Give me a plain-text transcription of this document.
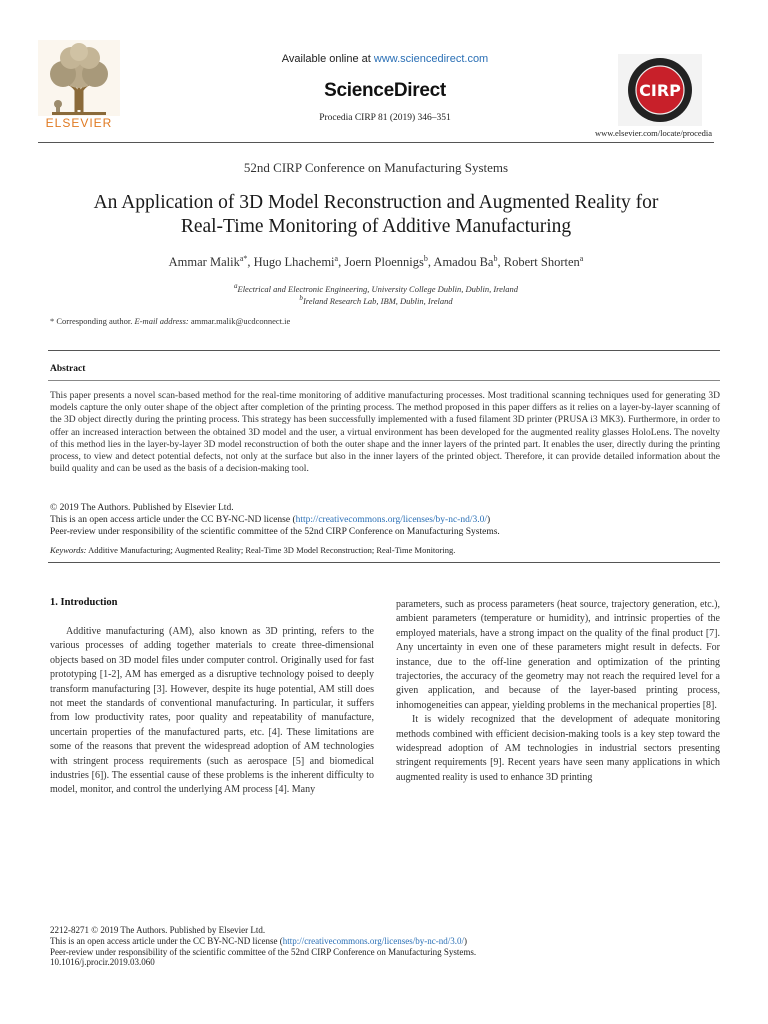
ELSEVIER
Available online at www.sciencedirect.com
ScienceDirect
Procedia CIRP 81 (2019) 346–351
CIRP
www.elsevier.com/locate/procedia
52nd CIRP Conference on Manufacturing Systems
An Application of 3D Model Reconstruction and Augmented Reality for
Real-Time Monitoring of Additive Manufacturing
Ammar Malik$^{a*}$, Hugo Lhachemi$^a$, Joern Ploennigs$^b$, Amadou Ba$^b$, Robert Shorten$^a$
$^a$Electrical and Electronic Engineering, University College Dublin, Dublin, Ireland
$^b$Ireland Research Lab, IBM, Dublin, Ireland
* Corresponding author. E-mail address: ammar.malik@ucdconnect.ie
Abstract
This paper presents a novel scan-based method for the real-time monitoring of additive manufacturing processes. Most traditional scanning techniques used for generating 3D models capture the only outer shape of the object after completion of the printing process. The method proposed in this paper differs as it relies on a layer-by-layer scanning of the 3D object directly during the printing process. This strategy has been successfully implemented with a fused filament 3D printer (PRUSA i3 MK3). Furthermore, in order to offer an increased interaction between the obtained 3D model and the user, a virtual environment has been developed for the augmented reality glasses HoloLens. The novelty of this method lies in the layer-by-layer 3D model reconstruction of both the outer shape and the inner layers of the printed part. It enables the user, directly during the printing process, to view and detect potential defects, not only at the surface but also in the inner layers of the printed object. Therefore, it can provide detailed information about the build quality and can be used as the basis of a decision-making tool.
© 2019 The Authors. Published by Elsevier Ltd.
This is an open access article under the CC BY-NC-ND license (http://creativecommons.org/licenses/by-nc-nd/3.0/)
Peer-review under responsibility of the scientific committee of the 52nd CIRP Conference on Manufacturing Systems.
Keywords: Additive Manufacturing; Augmented Reality; Real-Time 3D Model Reconstruction; Real-Time Monitoring.
1. Introduction

Additive manufacturing (AM), also known as 3D printing, refers to the various processes of adding together materials to create three-dimensional objects based on 3D model files under computer control. Originally used for fast prototyping [1-2], AM has emerged as a disruptive technology poised to deeply transform manufacturing [3]. However, despite its huge potential, AM still does not meet the standards of conventional manufacturing. In particular, it suffers from low productivity rates, poor quality and repeatability of manufacture, uncertain properties of the manufactured parts, etc. [4]. These limitations are some of the reasons that prevent the widespread adoption of AM technologies with stringent process requirements (such as aerospace [5] and biomedical industries [6]). The essential cause of these problems is the inherent difficulty to model, monitor, and control the underlying AM process [4]. Many

parameters, such as process parameters (heat source, trajectory generation, etc.), ambient parameters (temperature or humidity), and intrinsic properties of the employed materials, have a strong impact on the quality of the final product [7]. Any uncertainty in even one of these parameters might result in defects. For instance, due to the off-line generation and optimization of the printing trajectories, the accuracy of the geometry may not reach the required level for a given application, and because of the layer-based printing process, inhomogeneities can appear, yielding problems in the mechanical properties [8].

It is widely recognized that the development of adequate monitoring methods combined with efficient decision-making tools is a key step toward the widespread adoption of AM technologies in industrial sectors presenting stringent requirements [9]. Recent years have seen many applications in which augmented reality is used to enhance 3D printing

2212-8271 © 2019 The Authors. Published by Elsevier Ltd.
This is an open access article under the CC BY-NC-ND license (http://creativecommons.org/licenses/by-nc-nd/3.0/)
Peer-review under responsibility of the scientific committee of the 52nd CIRP Conference on Manufacturing Systems.
10.1016/j.procir.2019.03.060
